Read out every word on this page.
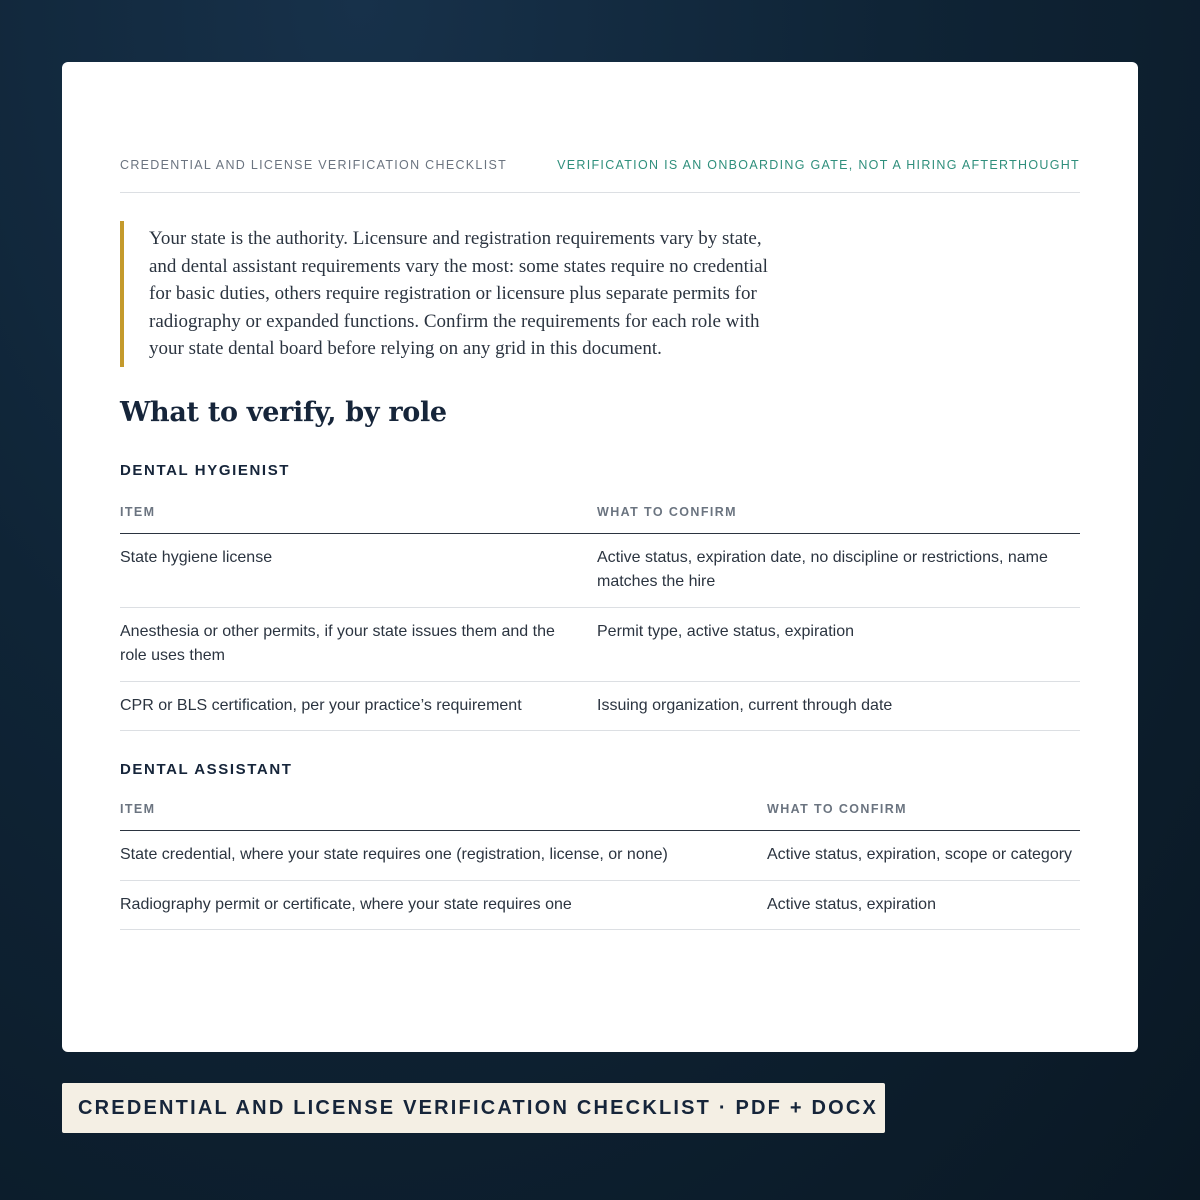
CREDENTIAL AND LICENSE VERIFICATION CHECKLIST	VERIFICATION IS AN ONBOARDING GATE, NOT A HIRING AFTERTHOUGHT
Your state is the authority. Licensure and registration requirements vary by state, and dental assistant requirements vary the most: some states require no credential for basic duties, others require registration or licensure plus separate permits for radiography or expanded functions. Confirm the requirements for each role with your state dental board before relying on any grid in this document.
What to verify, by role
DENTAL HYGIENIST
ITEM	WHAT TO CONFIRM
State hygiene license	Active status, expiration date, no discipline or restrictions, name matches the hire
Anesthesia or other permits, if your state issues them and the role uses them	Permit type, active status, expiration
CPR or BLS certification, per your practice’s requirement	Issuing organization, current through date
DENTAL ASSISTANT
ITEM	WHAT TO CONFIRM
State credential, where your state requires one (registration, license, or none)	Active status, expiration, scope or category
Radiography permit or certificate, where your state requires one	Active status, expiration
CREDENTIAL AND LICENSE VERIFICATION CHECKLIST · PDF + DOCX
